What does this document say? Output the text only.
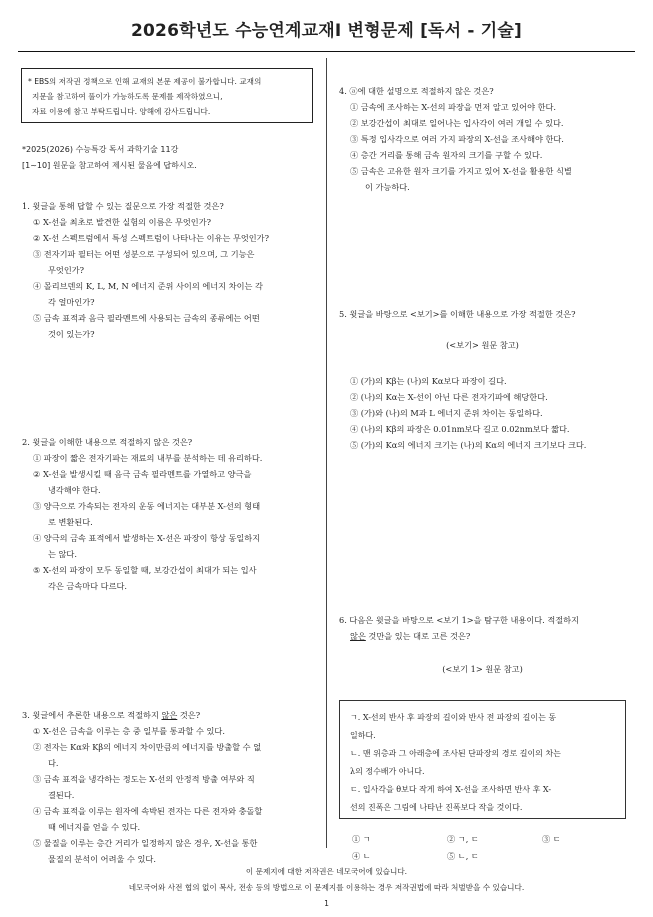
2026학년도 수능연계교재Ⅰ 변형문제 [독서 - 기술]
* EBS의 저작권 정책으로 인해 교재의 본문 제공이 불가합니다. 교재의
지문을 참고하여 풀이가 가능하도록 문제를 제작하였으니,
자료 이용에 참고 부탁드립니다. 양해에 감사드립니다.
*2025(2026) 수능특강 독서 과학기술 11강
[1~10] 원문을 참고하여 제시된 물음에 답하시오.
1. 윗글을 통해 답할 수 있는 질문으로 가장 적절한 것은?
① X-선을 최초로 발견한 실험의 이름은 무엇인가?
② X-선 스펙트럼에서 특성 스펙트럼이 나타나는 이유는 무엇인가?
③ 전자기파 필터는 어떤 성분으로 구성되어 있으며, 그 기능은
무엇인가?
④ 몰리브덴의 K, L, M, N 에너지 준위 사이의 에너지 차이는 각
각 얼마인가?
⑤ 금속 표적과 음극 필라멘트에 사용되는 금속의 종류에는 어떤
것이 있는가?
2. 윗글을 이해한 내용으로 적절하지 않은 것은?
① 파장이 짧은 전자기파는 재료의 내부를 분석하는 데 유리하다.
② X-선을 발생시킬 때 음극 금속 필라멘트를 가열하고 양극을
냉각해야 한다.
③ 양극으로 가속되는 전자의 운동 에너지는 대부분 X-선의 형태
로 변환된다.
④ 양극의 금속 표적에서 발생하는 X-선은 파장이 항상 동일하지
는 않다.
⑤ X-선의 파장이 모두 동일할 때, 보강간섭이 최대가 되는 입사
각은 금속마다 다르다.
3. 윗글에서 추론한 내용으로 적절하지 않은 것은?
① X-선은 금속을 이루는 층 중 일부를 통과할 수 있다.
② 전자는 Kα와 Kβ의 에너지 차이만큼의 에너지를 방출할 수 없
다.
③ 금속 표적을 냉각하는 정도는 X-선의 안정적 방출 여부와 직
결된다.
④ 금속 표적을 이루는 원자에 속박된 전자는 다른 전자와 충돌할
때 에너지를 얻을 수 있다.
⑤ 물질을 이루는 층간 거리가 일정하지 않은 경우, X-선을 통한
물질의 분석이 어려울 수 있다.
4. ⓐ에 대한 설명으로 적절하지 않은 것은?
① 금속에 조사하는 X-선의 파장을 먼저 알고 있어야 한다.
② 보강간섭이 최대로 일어나는 입사각이 여러 개일 수 있다.
③ 특정 입사각으로 여러 가지 파장의 X-선을 조사해야 한다.
④ 층간 거리를 통해 금속 원자의 크기를 구할 수 있다.
⑤ 금속은 고유한 원자 크기를 가지고 있어 X-선을 활용한 식별
이 가능하다.
5. 윗글을 바탕으로 <보기>를 이해한 내용으로 가장 적절한 것은?
(<보기> 원문 참고)
① (가)의 Kβ는 (나)의 Kα보다 파장이 길다.
② (나)의 Kα는 X-선이 아닌 다른 전자기파에 해당한다.
③ (가)와 (나)의 M과 L 에너지 준위 차이는 동일하다.
④ (나)의 Kβ의 파장은 0.01nm보다 길고 0.02nm보다 짧다.
⑤ (가)의 Kα의 에너지 크기는 (나)의 Kα의 에너지 크기보다 크다.
6. 다음은 윗글을 바탕으로 <보기 1>을 탐구한 내용이다. 적절하지
않은 것만을 있는 대로 고른 것은?
(<보기 1> 원문 참고)
ㄱ. X-선의 반사 후 파장의 길이와 반사 전 파장의 길이는 동
일하다.
ㄴ. 맨 위층과 그 아래층에 조사된 단파장의 경로 길이의 차는
λ의 정수배가 아니다.
ㄷ. 입사각을 θ보다 작게 하여 X-선을 조사하면 반사 후 X-
선의 진폭은 그림에 나타난 진폭보다 작을 것이다.
① ㄱ	② ㄱ, ㄷ	③ ㄷ
④ ㄴ	⑤ ㄴ, ㄷ
이 문제지에 대한 저작권은 네모국어에 있습니다.
네모국어와 사전 협의 없이 복사, 전송 등의 방법으로 이 문제지를 이용하는 경우 저작권법에 따라 처벌받을 수 있습니다.
1
